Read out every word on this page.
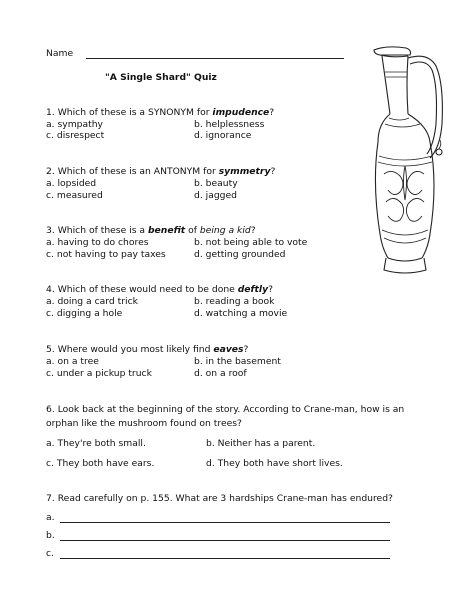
Name
"A Single Shard" Quiz
1. Which of these is a SYNONYM for impudence?
a. sympathy	b. helplessness
c. disrespect	d. ignorance
2. Which of these is an ANTONYM for symmetry?
a. lopsided	b. beauty
c. measured	d. jagged
3. Which of these is a benefit of being a kid?
a. having to do chores	b. not being able to vote
c. not having to pay taxes	d. getting grounded
4. Which of these would need to be done deftly?
a. doing a card trick	b. reading a book
c. digging a hole	d. watching a movie
5. Where would you most likely find eaves?
a. on a tree	b. in the basement
c. under a pickup truck	d. on a roof
6. Look back at the beginning of the story. According to Crane-man, how is an
orphan like the mushroom found on trees?
a. They're both small.	b. Neither has a parent.
c. They both have ears.	d. They both have short lives.
7. Read carefully on p. 155. What are 3 hardships Crane-man has endured?
a.
b.
c.
